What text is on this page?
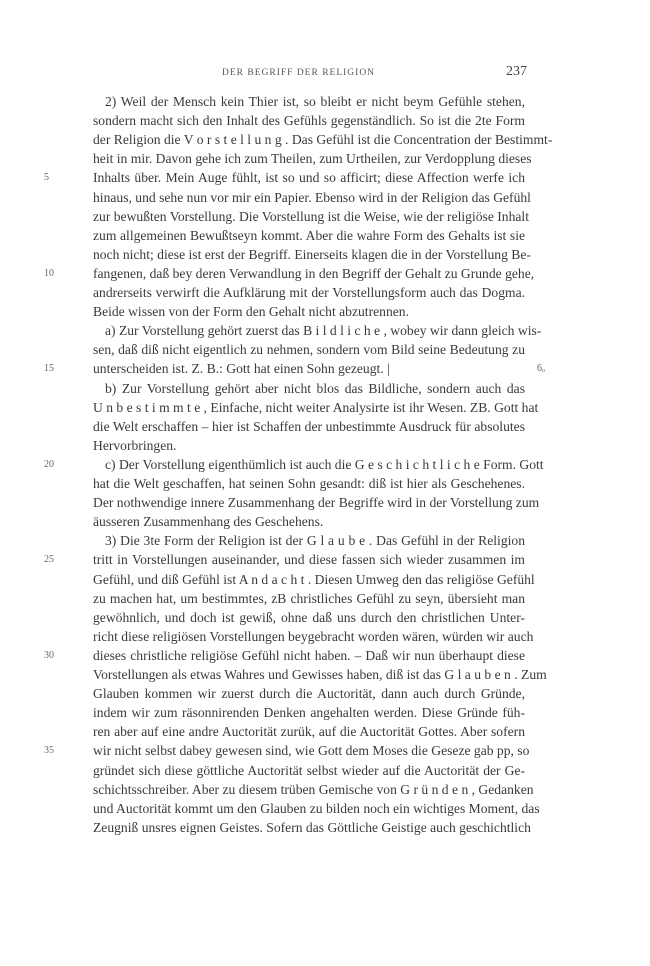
DER BEGRIFF DER RELIGION	237
2) Weil der Mensch kein Thier ist, so bleibt er nicht beym Gefühle stehen,
sondern macht sich den Inhalt des Gefühls gegenständlich. So ist die 2te Form
der Religion die V o r s t e l l u n g . Das Gefühl ist die Concentration der Bestimmt-
heit in mir. Davon gehe ich zum Theilen, zum Urtheilen, zur Verdopplung dieses
Inhalts über. Mein Auge fühlt, ist so und so afficirt; diese Affection werfe ich
hinaus, und sehe nun vor mir ein Papier. Ebenso wird in der Religion das Gefühl
zur bewußten Vorstellung. Die Vorstellung ist die Weise, wie der religiöse Inhalt
zum allgemeinen Bewußtseyn kommt. Aber die wahre Form des Gehalts ist sie
noch nicht; diese ist erst der Begriff. Einerseits klagen die in der Vorstellung Be-
fangenen, daß bey deren Verwandlung in den Begriff der Gehalt zu Grunde gehe,
andrerseits verwirft die Aufklärung mit der Vorstellungsform auch das Dogma.
Beide wissen von der Form den Gehalt nicht abzutrennen.
a) Zur Vorstellung gehört zuerst das B i l d l i c h e , wobey wir dann gleich wis-
sen, daß diß nicht eigentlich zu nehmen, sondern vom Bild seine Bedeutung zu
unterscheiden ist. Z. B.: Gott hat einen Sohn gezeugt. |
b) Zur Vorstellung gehört aber nicht blos das Bildliche, sondern auch das
U n b e s t i m m t e , Einfache, nicht weiter Analysirte ist ihr Wesen. ZB. Gott hat
die Welt erschaffen – hier ist Schaffen der unbestimmte Ausdruck für absolutes
Hervorbringen.
c) Der Vorstellung eigenthümlich ist auch die G e s c h i c h t l i c h e Form. Gott
hat die Welt geschaffen, hat seinen Sohn gesandt: diß ist hier als Geschehenes.
Der nothwendige innere Zusammenhang der Begriffe wird in der Vorstellung zum
äusseren Zusammenhang des Geschehens.
3) Die 3te Form der Religion ist der G l a u b e . Das Gefühl in der Religion
tritt in Vorstellungen auseinander, und diese fassen sich wieder zusammen im
Gefühl, und diß Gefühl ist A n d a c h t . Diesen Umweg den das religiöse Gefühl
zu machen hat, um bestimmtes, zB christliches Gefühl zu seyn, übersieht man
gewöhnlich, und doch ist gewiß, ohne daß uns durch den christlichen Unter-
richt diese religiösen Vorstellungen beygebracht worden wären, würden wir auch
dieses christliche religiöse Gefühl nicht haben. – Daß wir nun überhaupt diese
Vorstellungen als etwas Wahres und Gewisses haben, diß ist das G l a u b e n . Zum
Glauben kommen wir zuerst durch die Auctorität, dann auch durch Gründe,
indem wir zum räsonnirenden Denken angehalten werden. Diese Gründe füh-
ren aber auf eine andre Auctorität zurük, auf die Auctorität Gottes. Aber sofern
wir nicht selbst dabey gewesen sind, wie Gott dem Moses die Geseze gab pp, so
gründet sich diese göttliche Auctorität selbst wieder auf die Auctorität der Ge-
schichtsschreiber. Aber zu diesem trüben Gemische von G r ü n d e n , Gedanken
und Auctorität kommt um den Glauben zu bilden noch ein wichtiges Moment, das
Zeugniß unsres eignen Geistes. Sofern das Göttliche Geistige auch geschichtlich
5
10
15
20
25
30
35
6ₒ
